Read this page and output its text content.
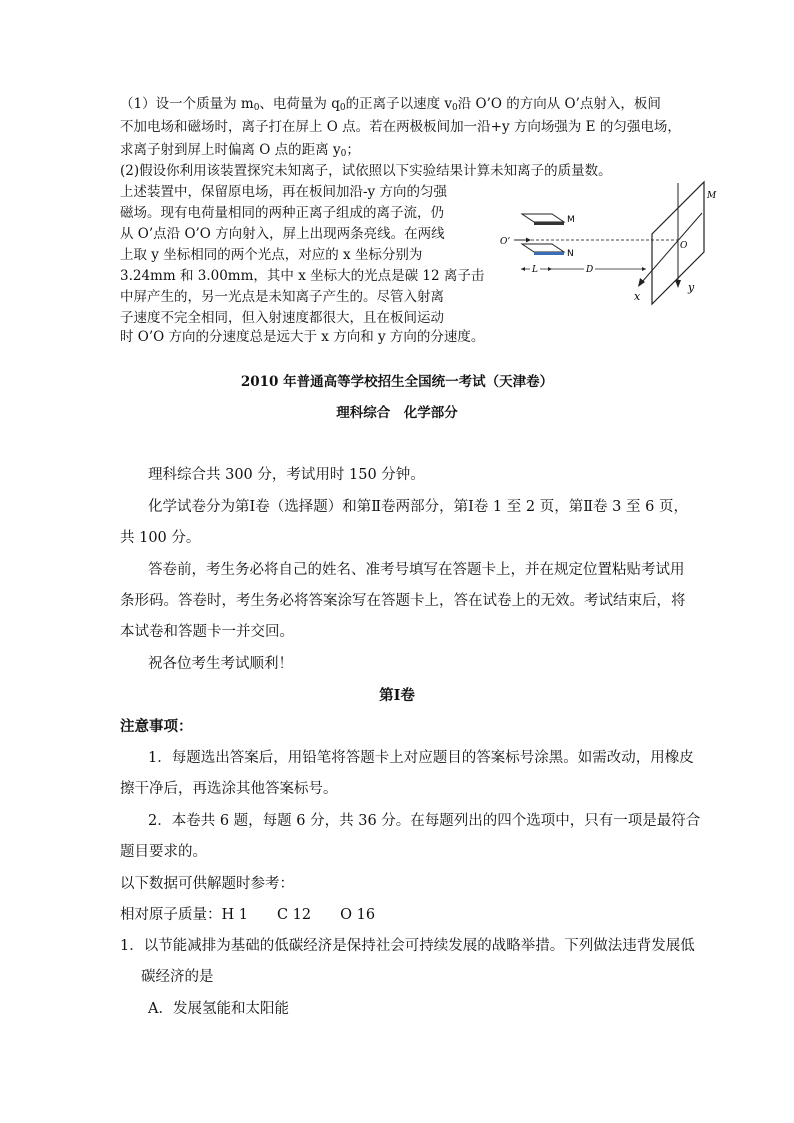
（1）设一个质量为 $m_0$、电荷量为 $q_0$的正离子以速度 $v_0$沿 O’O 的方向从 O’点射入，板间
不加电场和磁场时，离子打在屏上 O 点。若在两极板间加一沿+y 方向场强为 E 的匀强电场，
求离子射到屏上时偏离 O 点的距离 $y_0$；
(2)假设你利用该装置探究未知离子，试依照以下实验结果计算未知离子的质量数。
上述装置中，保留原电场，再在板间加沿-y 方向的匀强
磁场。现有电荷量相同的两种正离子组成的离子流，仍
从 O’点沿 O’O 方向射入，屏上出现两条亮线。在两线
上取 y 坐标相同的两个光点，对应的 x 坐标分别为
3.24mm 和 3.00mm，其中 x 坐标大的光点是碳 12 离子击
中屏产生的，另一光点是未知离子产生的。尽管入射离
子速度不完全相同，但入射速度都很大，且在板间运动
时 O’O 方向的分速度总是远大于 x 方向和 y 方向的分速度。
M
N
O’
L	D
M
O
x
y
2010 年普通高等学校招生全国统一考试（天津卷）
理科综合　化学部分
理科综合共 300 分，考试用时 150 分钟。
化学试卷分为第Ⅰ卷（选择题）和第Ⅱ卷两部分，第Ⅰ卷 1 至 2 页，第Ⅱ卷 3 至 6 页，
共 100 分。
答卷前，考生务必将自己的姓名、准考号填写在答题卡上，并在规定位置粘贴考试用
条形码。答卷时，考生务必将答案涂写在答题卡上，答在试卷上的无效。考试结束后，将
本试卷和答题卡一并交回。
祝各位考生考试顺利！
第Ⅰ卷
注意事项：
1．每题选出答案后，用铅笔将答题卡上对应题目的答案标号涂黑。如需改动，用橡皮
擦干净后，再选涂其他答案标号。
2．本卷共 6 题，每题 6 分，共 36 分。在每题列出的四个选项中，只有一项是最符合
题目要求的。
以下数据可供解题时参考：
相对原子质量：H 1　　C 12　　O 16
1．以节能减排为基础的低碳经济是保持社会可持续发展的战略举措。下列做法违背发展低
碳经济的是
A．发展氢能和太阳能
